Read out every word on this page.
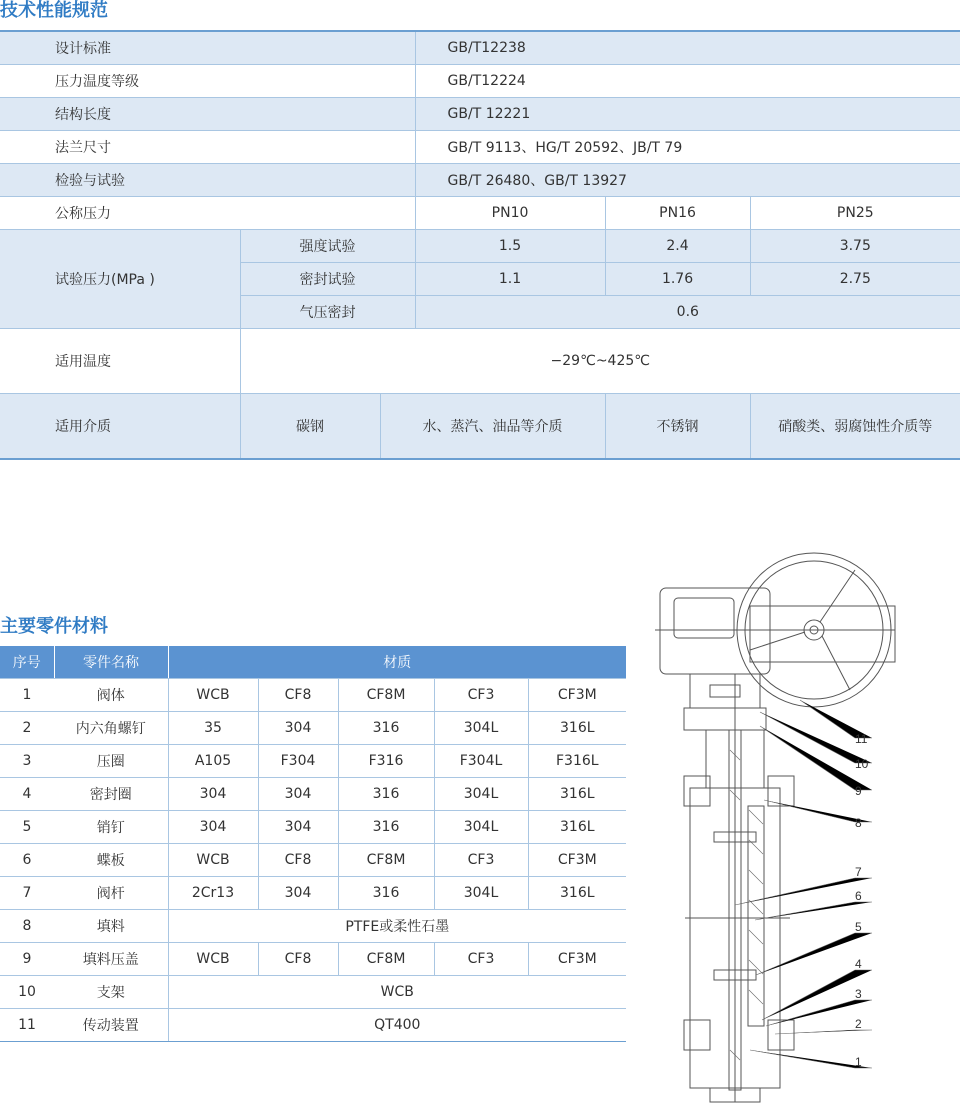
技术性能规范
设计标准			GB/T12238		
压力温度等级			GB/T12224		
结构长度			GB/T 12221		
法兰尺寸			GB/T 9113、HG/T 20592、JB/T 79		
检验与试验			GB/T 26480、GB/T 13927		
公称压力			PN10	PN16	PN25
试验压力(MPa )	强度试验		1.5	2.4	3.75
	密封试验		1.1	1.76	2.75
	气压密封		0.6		
适用温度	−29℃~425℃				
适用介质	碳钢	水、蒸汽、油品等介质		不锈钢	硝酸类、弱腐蚀性介质等
主要零件材料
序号	零件名称	材质				
1	阀体	WCB	CF8	CF8M	CF3	CF3M
2	内六角螺钉	35	304	316	304L	316L
3	压圈	A105	F304	F316	F304L	F316L
4	密封圈	304	304	316	304L	316L
5	销钉	304	304	316	304L	316L
6	蝶板	WCB	CF8	CF8M	CF3	CF3M
7	阀杆	2Cr13	304	316	304L	316L
8	填料	PTFE或柔性石墨				
9	填料压盖	WCB	CF8	CF8M	CF3	CF3M
10	支架	WCB				
11	传动装置	QT400				
11
10
9
8
7
6
5
4
3
2
1
